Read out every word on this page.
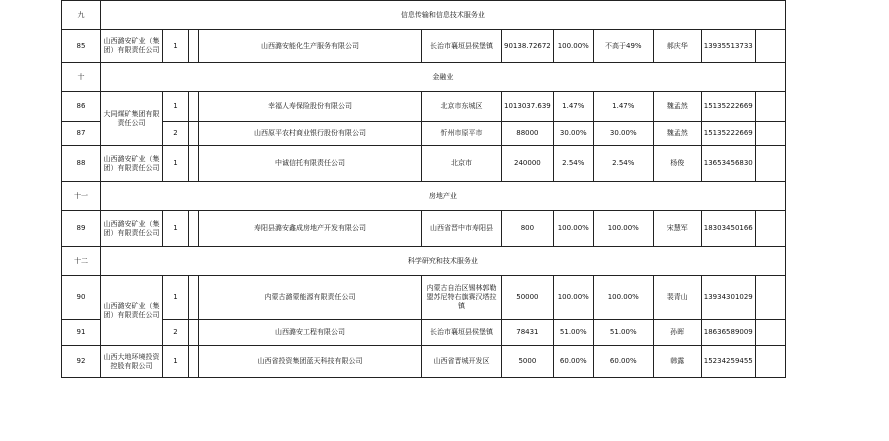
九	信息传输和信息技术服务业										
85	山西潞安矿业（集团）有限责任公司	1		山西潞安能化生产服务有限公司	长治市襄垣县侯堡镇	90138.72672	100.00%	不高于49%	郝庆华	13935513733	
十	金融业										
86	大同煤矿集团有限责任公司	1		幸福人寿保险股份有限公司	北京市东城区	1013037.639	1.47%	1.47%	魏孟然	15135222669	
87		2		山西原平农村商业银行股份有限公司	忻州市原平市	88000	30.00%	30.00%	魏孟然	15135222669	
88	山西潞安矿业（集团）有限责任公司	1		中诚信托有限责任公司	北京市	240000	2.54%	2.54%	杨俊	13653456830	
十一	房地产业										
89	山西潞安矿业（集团）有限责任公司	1		寿阳县潞安鑫成房地产开发有限公司	山西省晋中市寿阳县	800	100.00%	100.00%	宋慧军	18303450166	
十二	科学研究和技术服务业										
90	山西潞安矿业（集团）有限责任公司	1		内蒙古潞蒙能源有限责任公司	内蒙古自治区锡林郭勒盟苏尼特右旗赛汉塔拉镇	50000	100.00%	100.00%	裴青山	13934301029	
91		2		山西潞安工程有限公司	长治市襄垣县侯堡镇	78431	51.00%	51.00%	孙晖	18636589009	
92	山西大地环境投资控股有限公司	1		山西省投资集团蓝天科技有限公司	山西省晋城开发区	5000	60.00%	60.00%	韩露	15234259455	
